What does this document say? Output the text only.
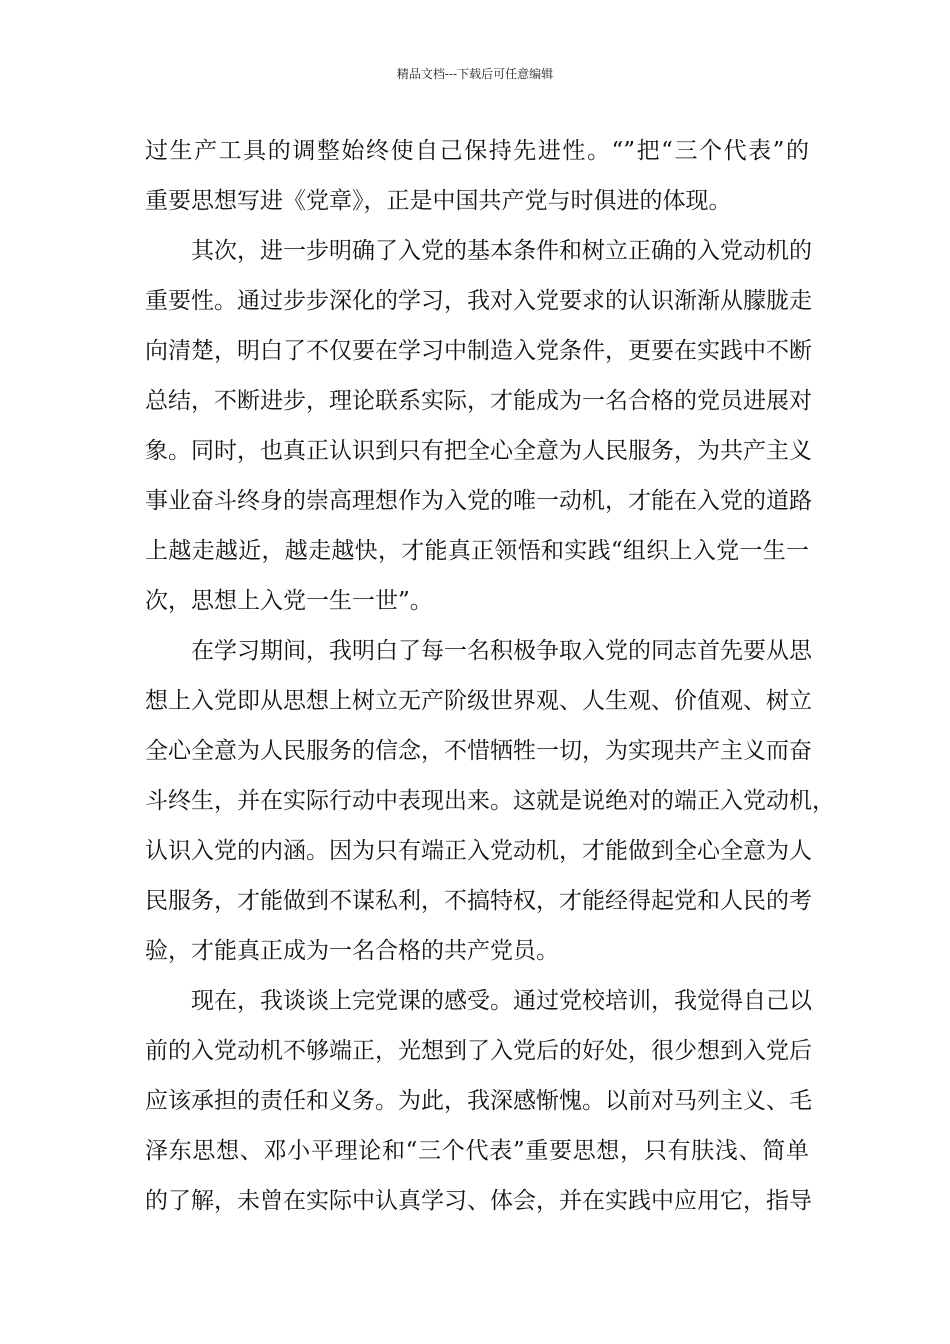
精品文档---下载后可任意编辑
过生产工具的调整始终使自己保持先进性。“”把“三个代表”的
重要思想写进《党章》，正是中国共产党与时俱进的体现。
其次，进一步明确了入党的基本条件和树立正确的入党动机的
重要性。通过步步深化的学习，我对入党要求的认识渐渐从朦胧走
向清楚，明白了不仅要在学习中制造入党条件，更要在实践中不断
总结，不断进步，理论联系实际，才能成为一名合格的党员进展对
象。同时，也真正认识到只有把全心全意为人民服务，为共产主义
事业奋斗终身的崇高理想作为入党的唯一动机，才能在入党的道路
上越走越近，越走越快，才能真正领悟和实践“组织上入党一生一
次，思想上入党一生一世”。
在学习期间，我明白了每一名积极争取入党的同志首先要从思
想上入党即从思想上树立无产阶级世界观、人生观、价值观、树立
全心全意为人民服务的信念，不惜牺牲一切，为实现共产主义而奋
斗终生，并在实际行动中表现出来。这就是说绝对的端正入党动机，
认识入党的内涵。因为只有端正入党动机，才能做到全心全意为人
民服务，才能做到不谋私利，不搞特权，才能经得起党和人民的考
验，才能真正成为一名合格的共产党员。
现在，我谈谈上完党课的感受。通过党校培训，我觉得自己以
前的入党动机不够端正，光想到了入党后的好处，很少想到入党后
应该承担的责任和义务。为此，我深感惭愧。以前对马列主义、毛
泽东思想、邓小平理论和“三个代表”重要思想，只有肤浅、简单
的了解，未曾在实际中认真学习、体会，并在实践中应用它，指导
